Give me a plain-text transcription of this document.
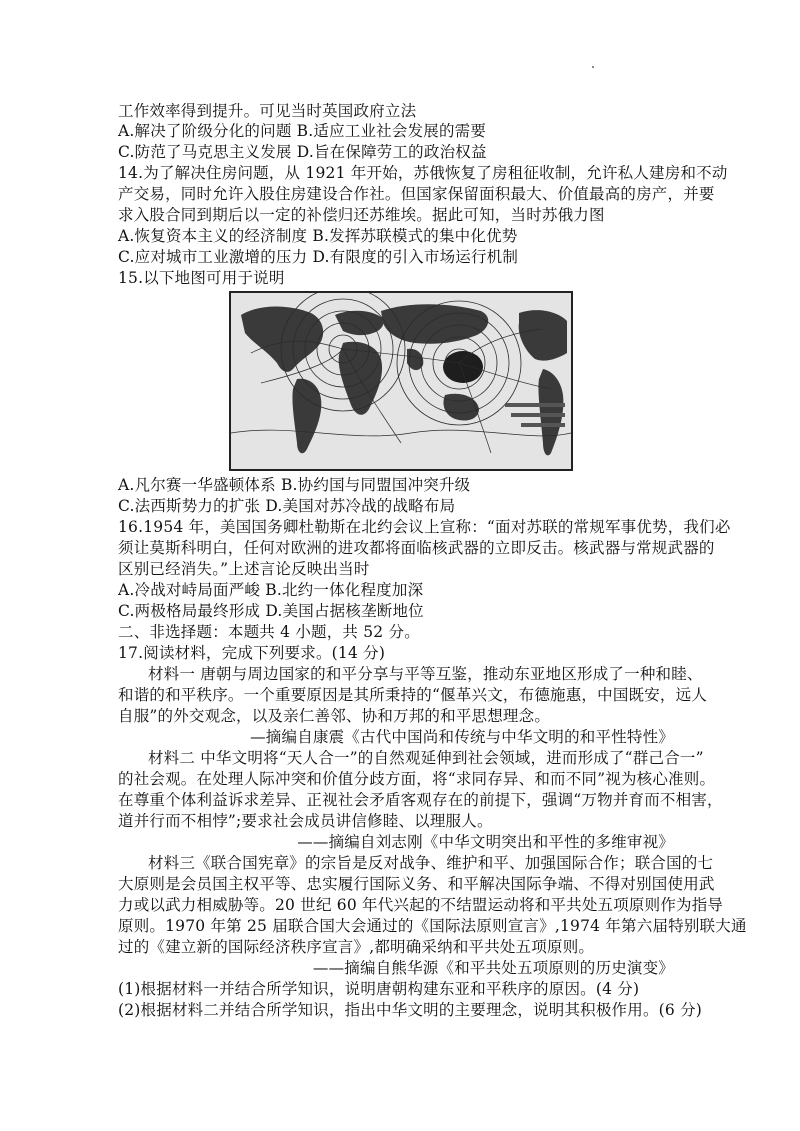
工作效率得到提升。可见当时英国政府立法
A.解决了阶级分化的问题 B.适应工业社会发展的需要
C.防范了马克思主义发展 D.旨在保障劳工的政治权益
14.为了解决住房问题，从 1921 年开始，苏俄恢复了房租征收制，允许私人建房和不动
产交易，同时允许入股住房建设合作社。但国家保留面积最大、价值最高的房产，并要
求入股合同到期后以一定的补偿归还苏维埃。据此可知，当时苏俄力图
A.恢复资本主义的经济制度 B.发挥苏联模式的集中化优势
C.应对城市工业激增的压力 D.有限度的引入市场运行机制
15.以下地图可用于说明
A.凡尔赛一华盛顿体系 B.协约国与同盟国冲突升级
C.法西斯势力的扩张 D.美国对苏冷战的战略布局
16.1954 年，美国国务卿杜勒斯在北约会议上宣称：“面对苏联的常规军事优势，我们必
须让莫斯科明白，任何对欧洲的进攻都将面临核武器的立即反击。核武器与常规武器的
区别已经消失。”上述言论反映出当时
A.冷战对峙局面严峻 B.北约一体化程度加深
C.两极格局最终形成 D.美国占据核垄断地位
二、非选择题：本题共 4 小题，共 52 分。
17.阅读材料，完成下列要求。(14 分)
材料一 唐朝与周边国家的和平分享与平等互鉴，推动东亚地区形成了一种和睦、
和谐的和平秩序。一个重要原因是其所秉持的“偃革兴文，布德施惠，中国既安，远人
自服”的外交观念，以及亲仁善邻、协和万邦的和平思想理念。
—摘编自康震《古代中国尚和传统与中华文明的和平性特性》
材料二 中华文明将“天人合一”的自然观延伸到社会领域，进而形成了“群己合一”
的社会观。在处理人际冲突和价值分歧方面，将“求同存异、和而不同”视为核心准则。
在尊重个体利益诉求差异、正视社会矛盾客观存在的前提下，强调“万物并育而不相害，
道并行而不相悖”;要求社会成员讲信修睦、以理服人。
——摘编自刘志刚《中华文明突出和平性的多维审视》
材料三《联合国宪章》的宗旨是反对战争、维护和平、加强国际合作；联合国的七
大原则是会员国主权平等、忠实履行国际义务、和平解决国际争端、不得对别国使用武
力或以武力相威胁等。20 世纪 60 年代兴起的不结盟运动将和平共处五项原则作为指导
原则。1970 年第 25 届联合国大会通过的《国际法原则宣言》,1974 年第六届特别联大通
过的《建立新的国际经济秩序宣言》,都明确采纳和平共处五项原则。
——摘编自熊华源《和平共处五项原则的历史演变》
(1)根据材料一并结合所学知识，说明唐朝构建东亚和平秩序的原因。(4 分)
(2)根据材料二并结合所学知识，指出中华文明的主要理念，说明其积极作用。(6 分)
